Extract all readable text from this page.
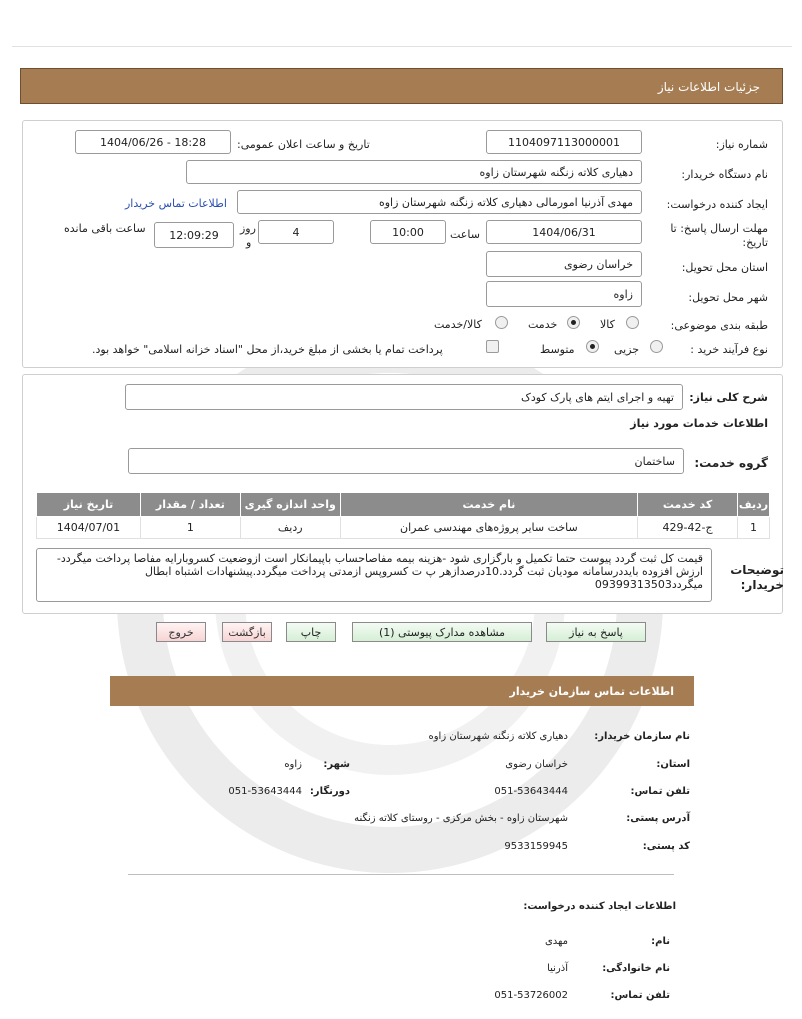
جزئیات اطلاعات نیاز
شماره نیاز:
1104097113000001
تاریخ و ساعت اعلان عمومی:
1404/06/26 - 18:28
نام دستگاه خریدار:
دهیاری کلاته زنگنه شهرستان زاوه
ایجاد کننده درخواست:
مهدی آذرنیا امورمالی دهیاری کلاته زنگنه شهرستان زاوه
اطلاعات تماس خریدار
مهلت ارسال پاسخ: تا
تاریخ:
1404/06/31
ساعت
10:00
4
روز
و
12:09:29
ساعت باقی مانده
استان محل تحویل:
خراسان رضوی
شهر محل تحویل:
زاوه
طبقه بندی موضوعی:
کالا
خدمت
کالا/خدمت
نوع فرآیند خرید :
جزیی
متوسط
پرداخت تمام یا بخشی از مبلغ خرید،از محل "اسناد خزانه اسلامی" خواهد بود.
شرح کلی نیاز:
تهیه و اجرای ایتم های پارک کودک
اطلاعات خدمات مورد نیاز
گروه خدمت:
ساختمان
ردیف	کد خدمت	نام خدمت	واحد اندازه گیری	تعداد / مقدار	تاریخ نیاز
1	ج-42-429	ساخت سایر پروژه‌های مهندسی عمران	ردیف	1	1404/07/01
توضیحات
خریدار:
قیمت کل ثبت گردد پیوست حتما تکمیل و بارگزاری شود -هزینه بیمه مفاصاحساب باپیمانکار است ازوضعیت کسروبارایه مفاصا پرداخت میگردد-ارزش افزوده بایددرسامانه مودیان ثبت گردد.10درصدازهر پ ت کسروپس ازمدتی پرداخت میگردد.پیشنهادات اشتباه ابطال میگردد09399313503
پاسخ به نیاز
مشاهده مدارک پیوستی (1)
چاپ
بازگشت
خروج
اطلاعات تماس سازمان خریدار
نام سازمان خریدار:
دهیاری کلاته زنگنه شهرستان زاوه
استان:
خراسان رضوی
شهر:
زاوه
تلفن تماس:
051-53643444
دورنگار:
051-53643444
آدرس پستی:
شهرستان زاوه - بخش مرکزی - روستای کلاته زنگنه
کد پستی:
9533159945
اطلاعات ایجاد کننده درخواست:
نام:
مهدی
نام خانوادگی:
آذرنیا
تلفن تماس:
051-53726002
